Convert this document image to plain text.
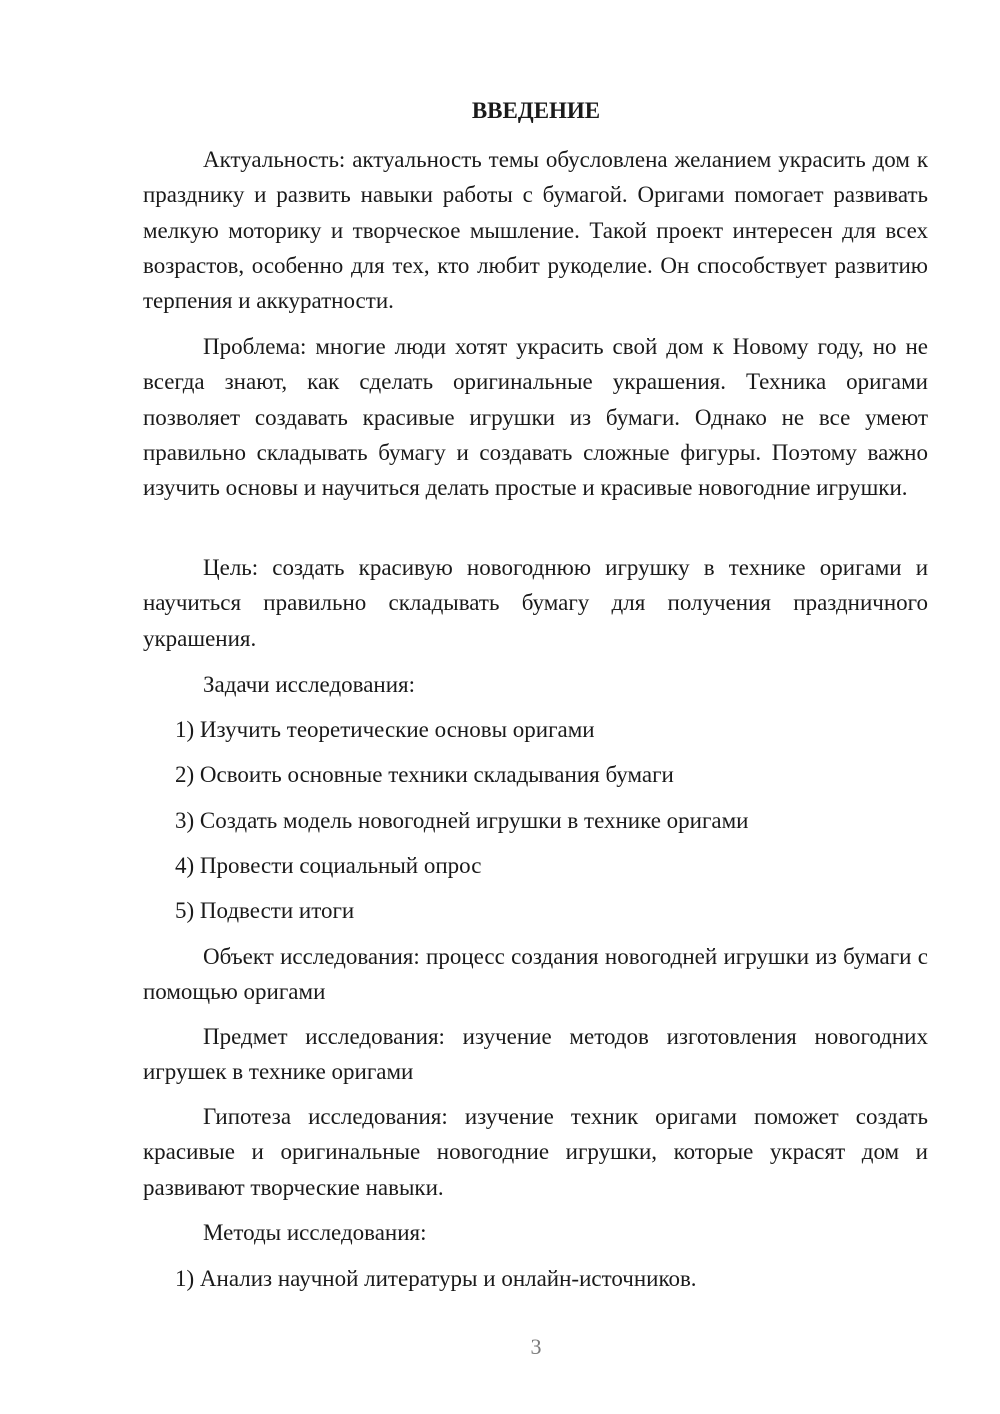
ВВЕДЕНИЕ

Актуальность: актуальность темы обусловлена желанием украсить дом к празднику и развить навыки работы с бумагой. Оригами помогает развивать мелкую моторику и творческое мышление. Такой проект интересен для всех возрастов, особенно для тех, кто любит рукоделие. Он способствует развитию терпения и аккуратности.

Проблема: многие люди хотят украсить свой дом к Новому году, но не всегда знают, как сделать оригинальные украшения. Техника оригами позволяет создавать красивые игрушки из бумаги. Однако не все умеют правильно складывать бумагу и создавать сложные фигуры. Поэтому важно изучить основы и научиться делать простые и красивые новогодние игрушки.

Цель: создать красивую новогоднюю игрушку в технике оригами и научиться правильно складывать бумагу для получения праздничного украшения.

Задачи исследования:

1) Изучить теоретические основы оригами

2) Освоить основные техники складывания бумаги

3) Создать модель новогодней игрушки в технике оригами

4) Провести социальный опрос

5) Подвести итоги

Объект исследования: процесс создания новогодней игрушки из бумаги с помощью оригами

Предмет исследования: изучение методов изготовления новогодних игрушек в технике оригами

Гипотеза исследования: изучение техник оригами поможет создать красивые и оригинальные новогодние игрушки, которые украсят дом и развивают творческие навыки.

Методы исследования:

1) Анализ научной литературы и онлайн-источников.

3
